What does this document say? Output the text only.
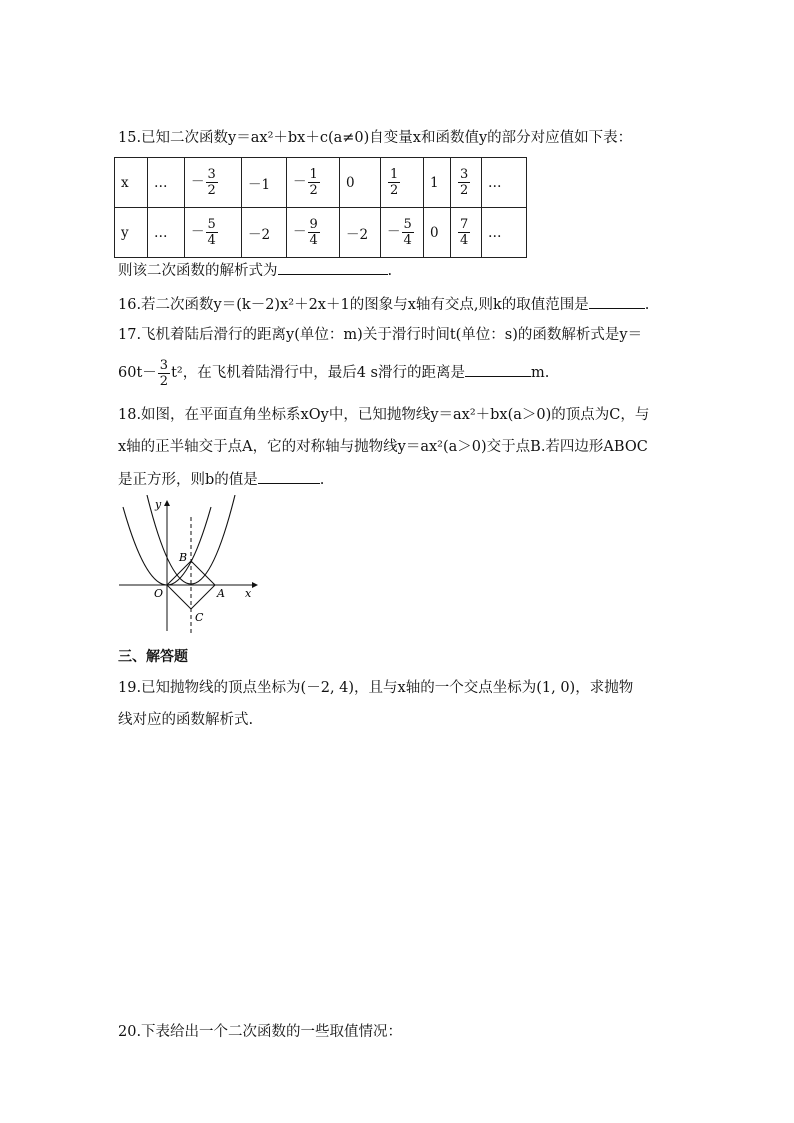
15.已知二次函数y＝ax²＋bx＋c(a≠0)自变量x和函数值y的部分对应值如下表：
x	…	－ $\frac{3}{2}$	－1	－ $\frac{1}{2}$	0	$\frac{1}{2}$	1	$\frac{3}{2}$	…
y	…	－ $\frac{5}{4}$	－2	－ $\frac{9}{4}$	－2	－ $\frac{5}{4}$	0	$\frac{7}{4}$	…
则该二次函数的解析式为	.
16.若二次函数y＝(k－2)x²＋2x＋1的图象与x轴有交点,则k的取值范围是	.
17.飞机着陆后滑行的距离y(单位：m)关于滑行时间t(单位：s)的函数解析式是y＝
$60t- \frac{3}{2} t^2$，在飞机着陆滑行中，最后4 s滑行的距离是	m.
18.如图，在平面直角坐标系xOy中，已知抛物线y＝ax²＋bx(a＞0)的顶点为C，与
x轴的正半轴交于点A，它的对称轴与抛物线y＝ax²(a＞0)交于点B.若四边形ABOC
是正方形，则b的值是	.
y
x
O	A
B
C
三、解答题
19.已知抛物线的顶点坐标为(－2, 4)，且与x轴的一个交点坐标为(1, 0)，求抛物
线对应的函数解析式.
20.下表给出一个二次函数的一些取值情况：
